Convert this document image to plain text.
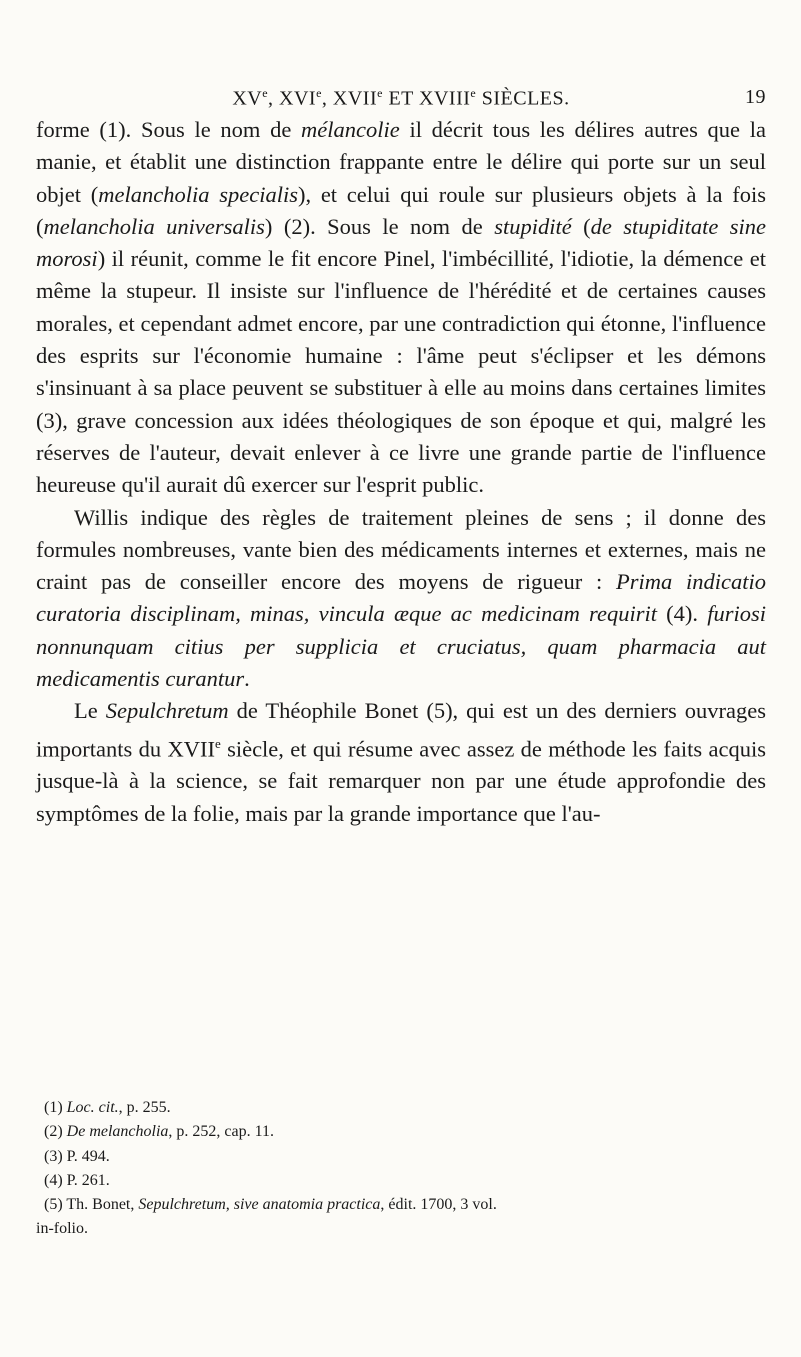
XVe, XVIe, XVIIe ET XVIIIe SIÈCLES.	19

forme (1). Sous le nom de mélancolie il décrit tous les délires autres que la manie, et établit une distinction frappante entre le délire qui porte sur un seul objet (melancholia specialis), et celui qui roule sur plusieurs objets à la fois (melancholia universalis) (2). Sous le nom de stupidité (de stupiditate sine morosi) il réunit, comme le fit encore Pinel, l'imbécillité, l'idiotie, la démence et même la stupeur. Il insiste sur l'influence de l'hérédité et de certaines causes morales, et cependant admet encore, par une contradiction qui étonne, l'influence des esprits sur l'économie humaine : l'âme peut s'éclipser et les démons s'insinuant à sa place peuvent se substituer à elle au moins dans certaines limites (3), grave concession aux idées théologiques de son époque et qui, malgré les réserves de l'auteur, devait enlever à ce livre une grande partie de l'influence heureuse qu'il aurait dû exercer sur l'esprit public.

Willis indique des règles de traitement pleines de sens ; il donne des formules nombreuses, vante bien des médicaments internes et externes, mais ne craint pas de conseiller encore des moyens de rigueur : Prima indicatio curatoria disciplinam, minas, vincula æque ac medicinam requirit (4). furiosi nonnunquam citius per supplicia et cruciatus, quam pharmacia aut medicamentis curantur.

Le Sepulchretum de Théophile Bonet (5), qui est un des derniers ouvrages importants du XVIIe siècle, et qui résume avec assez de méthode les faits acquis jusque-là à la science, se fait remarquer non par une étude approfondie des symptômes de la folie, mais par la grande importance que l'au-

(1) Loc. cit., p. 255.

(2) De melancholia, p. 252, cap. 11.

(3) P. 494.

(4) P. 261.

(5) Th. Bonet, Sepulchretum, sive anatomia practica, édit. 1700, 3 vol.

in-folio.
